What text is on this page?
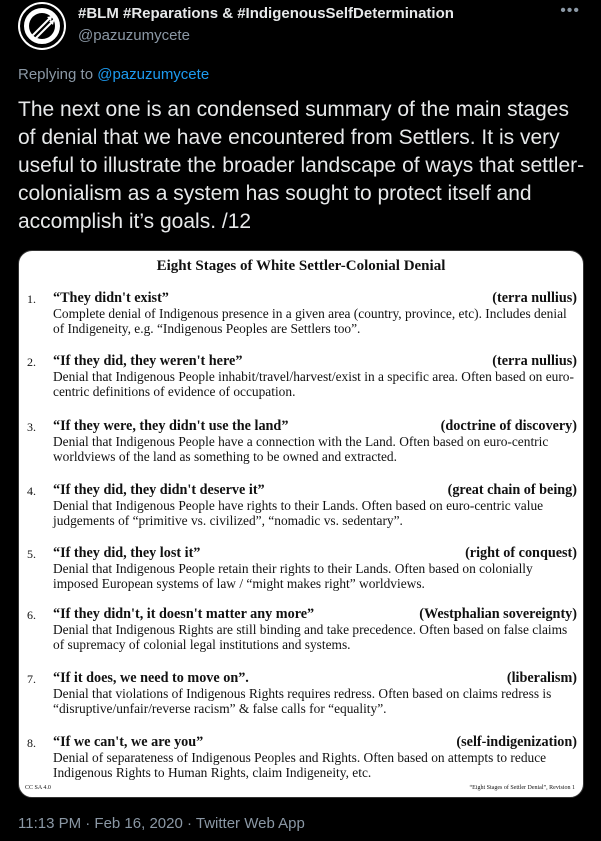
#BLM #Reparations & #IndigenousSelfDetermination
@pazuzumycete
•••
Replying to @pazuzumycete
The next one is an condensed summary of the main stages of denial that we have encountered from Settlers. It is very useful to illustrate the broader landscape of ways that settler-colonialism as a system has sought to protect itself and accomplish it’s goals. /12
Eight Stages of White Settler-Colonial Denial
1. “They didn't exist”	(terra nullius)
Complete denial of Indigenous presence in a given area (country, province, etc). Includes denial of Indigeneity, e.g. “Indigenous Peoples are Settlers too”.
2. “If they did, they weren't here”	(terra nullius)
Denial that Indigenous People inhabit/travel/harvest/exist in a specific area. Often based on euro-centric definitions of evidence of occupation.
3. “If they were, they didn't use the land”	(doctrine of discovery)
Denial that Indigenous People have a connection with the Land. Often based on euro-centric worldviews of the land as something to be owned and extracted.
4. “If they did, they didn't deserve it”	(great chain of being)
Denial that Indigenous People have rights to their Lands. Often based on euro-centric value judgements of “primitive vs. civilized”, “nomadic vs. sedentary”.
5. “If they did, they lost it”	(right of conquest)
Denial that Indigenous People retain their rights to their Lands. Often based on colonially imposed European systems of law / “might makes right” worldviews.
6. “If they didn't, it doesn't matter any more”	(Westphalian sovereignty)
Denial that Indigenous Rights are still binding and take precedence. Often based on false claims of supremacy of colonial legal institutions and systems.
7. “If it does, we need to move on”.	(liberalism)
Denial that violations of Indigenous Rights requires redress. Often based on claims redress is “disruptive/unfair/reverse racism” & false calls for “equality”.
8. “If we can't, we are you”	(self-indigenization)
Denial of separateness of Indigenous Peoples and Rights. Often based on attempts to reduce Indigenous Rights to Human Rights, claim Indigeneity, etc.
CC SA 4.0	“Eight Stages of Settler Denial”, Revision 1
11:13 PM · Feb 16, 2020 · Twitter Web App
